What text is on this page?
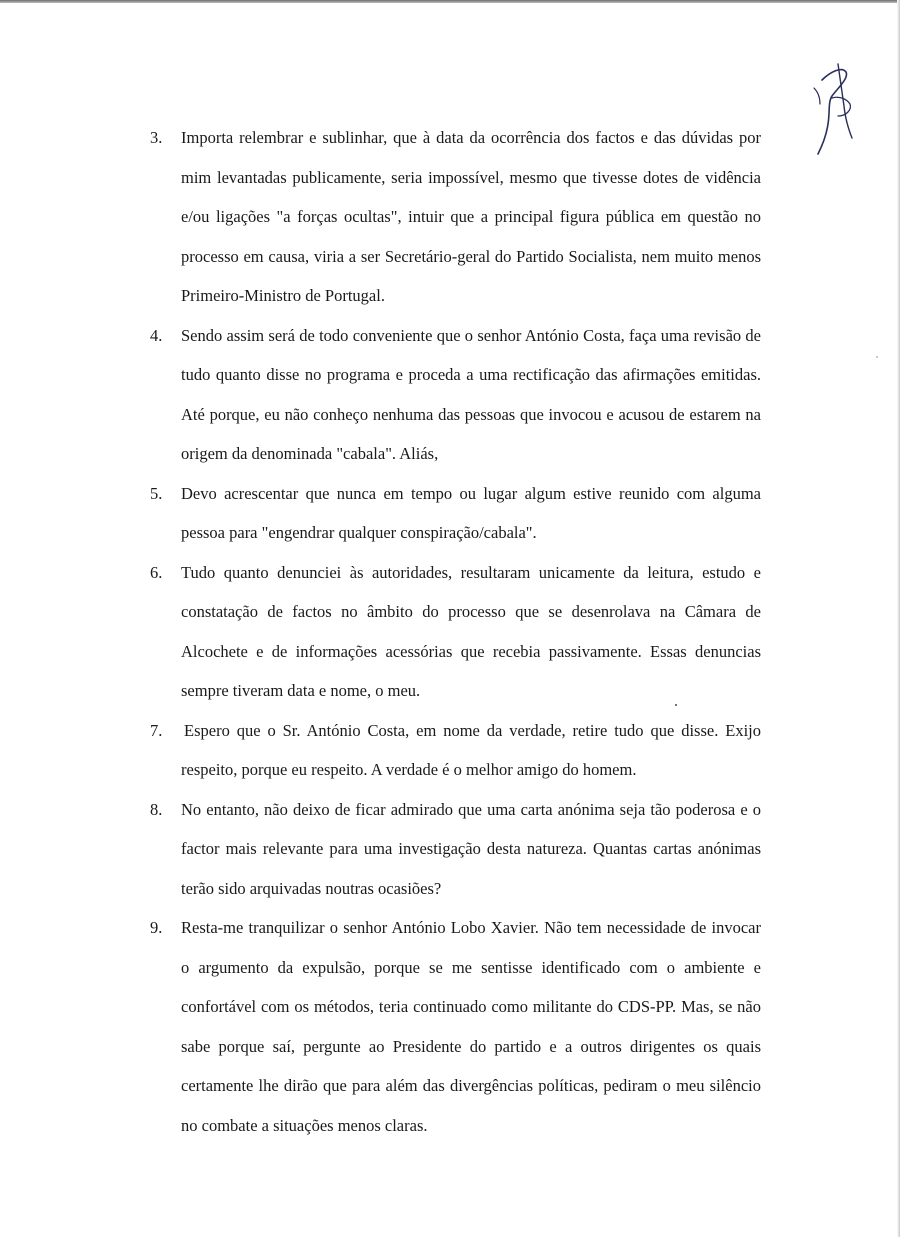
3.	Importa relembrar e sublinhar, que à data da ocorrência dos factos e das dúvidas por mim levantadas publicamente, seria impossível, mesmo que tivesse dotes de vidência e/ou ligações "a forças ocultas", intuir que a principal figura pública em questão no processo em causa, viria a ser Secretário-geral do Partido Socialista, nem muito menos Primeiro-Ministro de Portugal.

4.	Sendo assim será de todo conveniente que o senhor António Costa, faça uma revisão de tudo quanto disse no programa e proceda a uma rectificação das afirmações emitidas. Até porque, eu não conheço nenhuma das pessoas que invocou e acusou de estarem na origem da denominada "cabala". Aliás,

5.	Devo acrescentar que nunca em tempo ou lugar algum estive reunido com alguma pessoa para "engendrar qualquer conspiração/cabala".

6.	Tudo quanto denunciei às autoridades, resultaram unicamente da leitura, estudo e constatação de factos no âmbito do processo que se desenrolava na Câmara de Alcochete e de informações acessórias que recebia passivamente. Essas denuncias sempre tiveram data e nome, o meu.

7.	Espero que o Sr. António Costa, em nome da verdade, retire tudo que disse. Exijo respeito, porque eu respeito. A verdade é o melhor amigo do homem.

8.	No entanto, não deixo de ficar admirado que uma carta anónima seja tão poderosa e o factor mais relevante para uma investigação desta natureza. Quantas cartas anónimas terão sido arquivadas noutras ocasiões?

9.	Resta-me tranquilizar o senhor António Lobo Xavier. Não tem necessidade de invocar o argumento da expulsão, porque se me sentisse identificado com o ambiente e confortável com os métodos, teria continuado como militante do CDS-PP. Mas, se não sabe porque saí, pergunte ao Presidente do partido e a outros dirigentes os quais certamente lhe dirão que para além das divergências políticas, pediram o meu silêncio no combate a situações menos claras.
